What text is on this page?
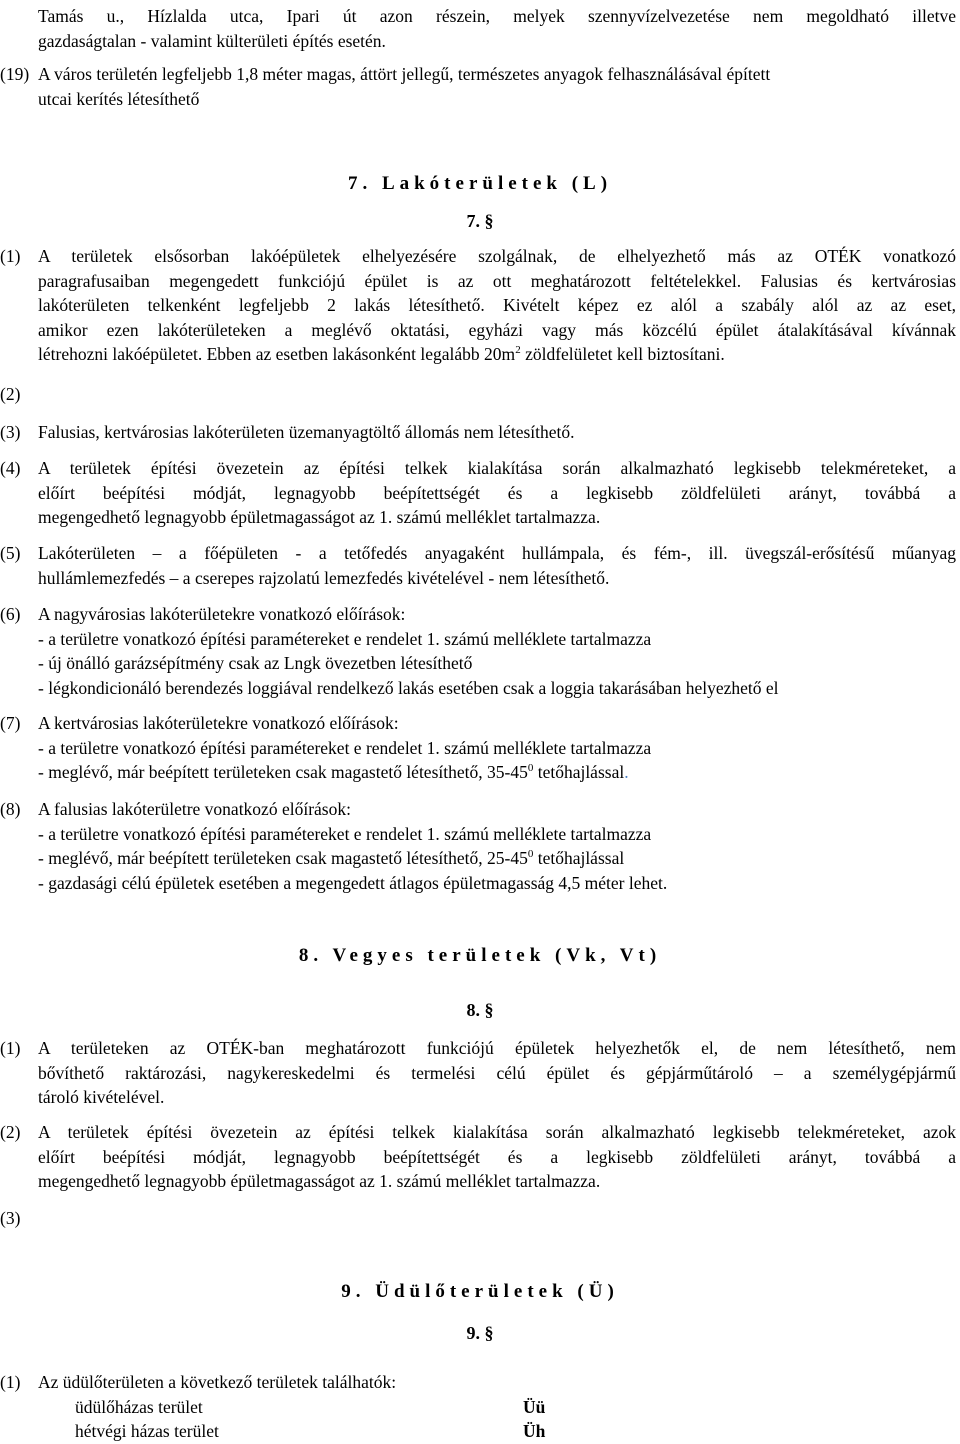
Tamás u., Hízlalda utca, Ipari út azon részein, melyek szennyvízelvezetése nem megoldható illetve
gazdaságtalan - valamint külterületi építés esetén.
(19) A város területén legfeljebb 1,8 méter magas, áttört jellegű, természetes anyagok felhasználásával épített
utcai kerítés létesíthető
7. Lakóterületek (L)
7. §
(1)	A területek elsősorban lakóépületek elhelyezésére szolgálnak, de elhelyezhető más az OTÉK vonatkozó
paragrafusaiban megengedett funkciójú épület is az ott meghatározott feltételekkel. Falusias és kertvárosias
lakóterületen telkenként legfeljebb 2 lakás létesíthető. Kivételt képez ez alól a szabály alól az az eset,
amikor ezen lakóterületeken a meglévő oktatási, egyházi vagy más közcélú épület átalakításával kívánnak
létrehozni lakóépületet. Ebben az esetben lakásonként legalább $20m^2$ zöldfelületet kell biztosítani.
(2)
(3)	Falusias, kertvárosias lakóterületen üzemanyagtöltő állomás nem létesíthető.
(4)	A területek építési övezetein az építési telkek kialakítása során alkalmazható legkisebb telekméreteket, a
előírt beépítési módját, legnagyobb beépítettségét és a legkisebb zöldfelületi arányt, továbbá a
megengedhető legnagyobb épületmagasságot az 1. számú melléklet tartalmazza.
(5)	Lakóterületen – a főépületen - a tetőfedés anyagaként hullámpala, és fém-, ill. üvegszál-erősítésű műanyag
hullámlemezfedés – a cserepes rajzolatú lemezfedés kivételével - nem létesíthető.
(6)	A nagyvárosias lakóterületekre vonatkozó előírások:
- a területre vonatkozó építési paramétereket e rendelet 1. számú melléklete tartalmazza
- új önálló garázsépítmény csak az Lngk övezetben létesíthető
- légkondicionáló berendezés loggiával rendelkező lakás esetében csak a loggia takarásában helyezhető el
(7)	A kertvárosias lakóterületekre vonatkozó előírások:
- a területre vonatkozó építési paramétereket e rendelet 1. számú melléklete tartalmazza
- meglévő, már beépített területeken csak magastető létesíthető, $35-45^0$ tetőhajlással.
(8)	A falusias lakóterületre vonatkozó előírások:
- a területre vonatkozó építési paramétereket e rendelet 1. számú melléklete tartalmazza
- meglévő, már beépített területeken csak magastető létesíthető, $25-45^0$ tetőhajlással
- gazdasági célú épületek esetében a megengedett átlagos épületmagasság 4,5 méter lehet.
8. Vegyes területek (Vk, Vt)
8. §
(1)	A területeken az OTÉK-ban meghatározott funkciójú épületek helyezhetők el, de nem létesíthető, nem
bővíthető raktározási, nagykereskedelmi és termelési célú épület és gépjárműtároló – a személygépjármű
tároló kivételével.
(2)	A területek építési övezetein az építési telkek kialakítása során alkalmazható legkisebb telekméreteket, azok
előírt beépítési módját, legnagyobb beépítettségét és a legkisebb zöldfelületi arányt, továbbá a
megengedhető legnagyobb épületmagasságot az 1. számú melléklet tartalmazza.
(3)
9. Üdülőterületek (Ü)
9. §
(1)	Az üdülőterületen a következő területek találhatók:
üdülőházas terület	Üü
hétvégi házas terület	Üh
